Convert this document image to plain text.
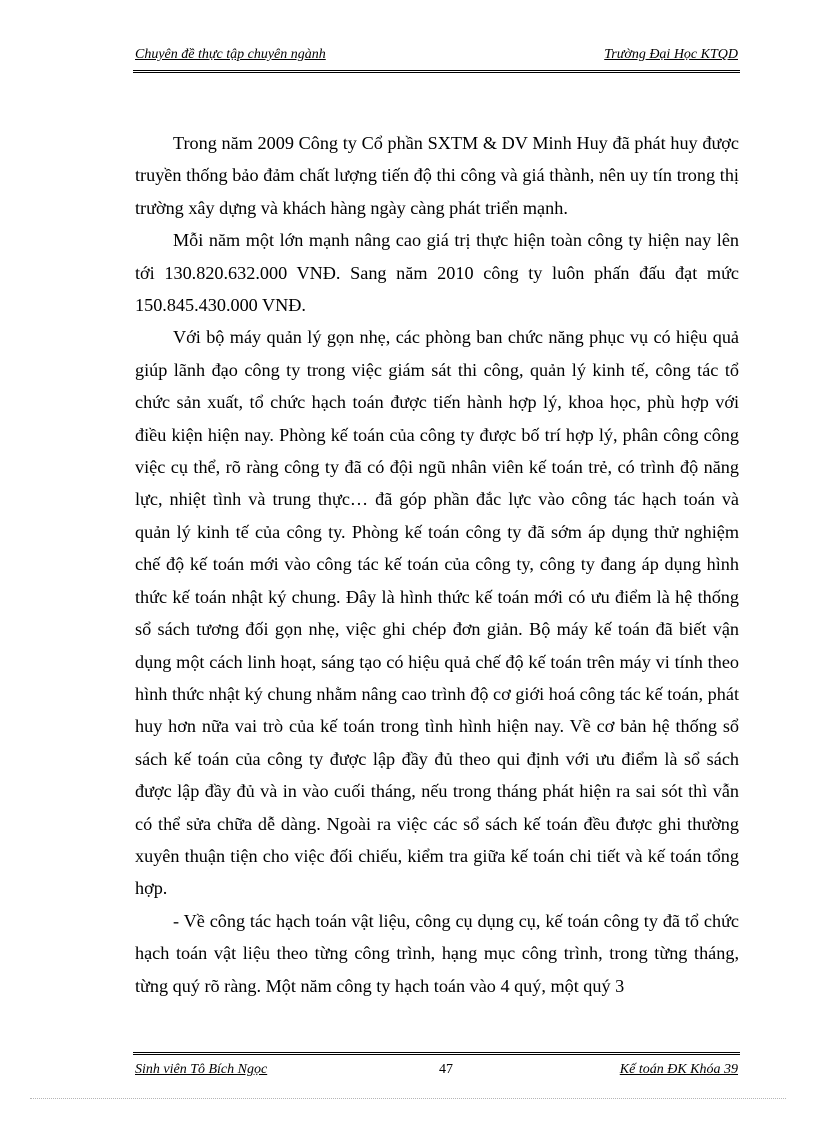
Chuyên đề thực tập chuyên ngành	Trường Đại Học KTQD

Trong năm 2009 Công ty Cổ phần SXTM & DV Minh Huy đã phát huy được truyền thống bảo đảm chất lượng tiến độ thi công và giá thành, nên uy tín trong thị trường xây dựng và khách hàng ngày càng phát triển mạnh.

Mỗi năm một lớn mạnh nâng cao giá trị thực hiện toàn công ty hiện nay lên tới 130.820.632.000 VNĐ. Sang năm 2010 công ty luôn phấn đấu đạt mức 150.845.430.000 VNĐ.

Với bộ máy quản lý gọn nhẹ, các phòng ban chức năng phục vụ có hiệu quả giúp lãnh đạo công ty trong việc giám sát thi công, quản lý kinh tế, công tác tổ chức sản xuất, tổ chức hạch toán được tiến hành hợp lý, khoa học, phù hợp với điều kiện hiện nay. Phòng kế toán của công ty được bố trí hợp lý, phân công công việc cụ thể, rõ ràng công ty đã có đội ngũ nhân viên kế toán trẻ, có trình độ năng lực, nhiệt tình và trung thực… đã góp phần đắc lực vào công tác hạch toán và quản lý kinh tế của công ty. Phòng kế toán công ty đã sớm áp dụng thử nghiệm chế độ kế toán mới vào công tác kế toán của công ty, công ty đang áp dụng hình thức kế toán nhật ký chung. Đây là hình thức kế toán mới có ưu điểm là hệ thống sổ sách tương đối gọn nhẹ, việc ghi chép đơn giản. Bộ máy kế toán đã biết vận dụng một cách linh hoạt, sáng tạo có hiệu quả chế độ kế toán trên máy vi tính theo hình thức nhật ký chung nhằm nâng cao trình độ cơ giới hoá công tác kế toán, phát huy hơn nữa vai trò của kế toán trong tình hình hiện nay. Về cơ bản hệ thống sổ sách kế toán của công ty được lập đầy đủ theo qui định với ưu điểm là sổ sách được lập đầy đủ và in vào cuối tháng, nếu trong tháng phát hiện ra sai sót thì vẫn có thể sửa chữa dễ dàng. Ngoài ra việc các sổ sách kế toán đều được ghi thường xuyên thuận tiện cho việc đối chiếu, kiểm tra giữa kế toán chi tiết và kế toán tổng hợp.

- Về công tác hạch toán vật liệu, công cụ dụng cụ, kế toán công ty đã tổ chức hạch toán vật liệu theo từng công trình, hạng mục công trình, trong từng tháng, từng quý rõ ràng. Một năm công ty hạch toán vào 4 quý, một quý 3

Sinh viên Tô Bích Ngọc	47	Kế toán ĐK Khóa 39
